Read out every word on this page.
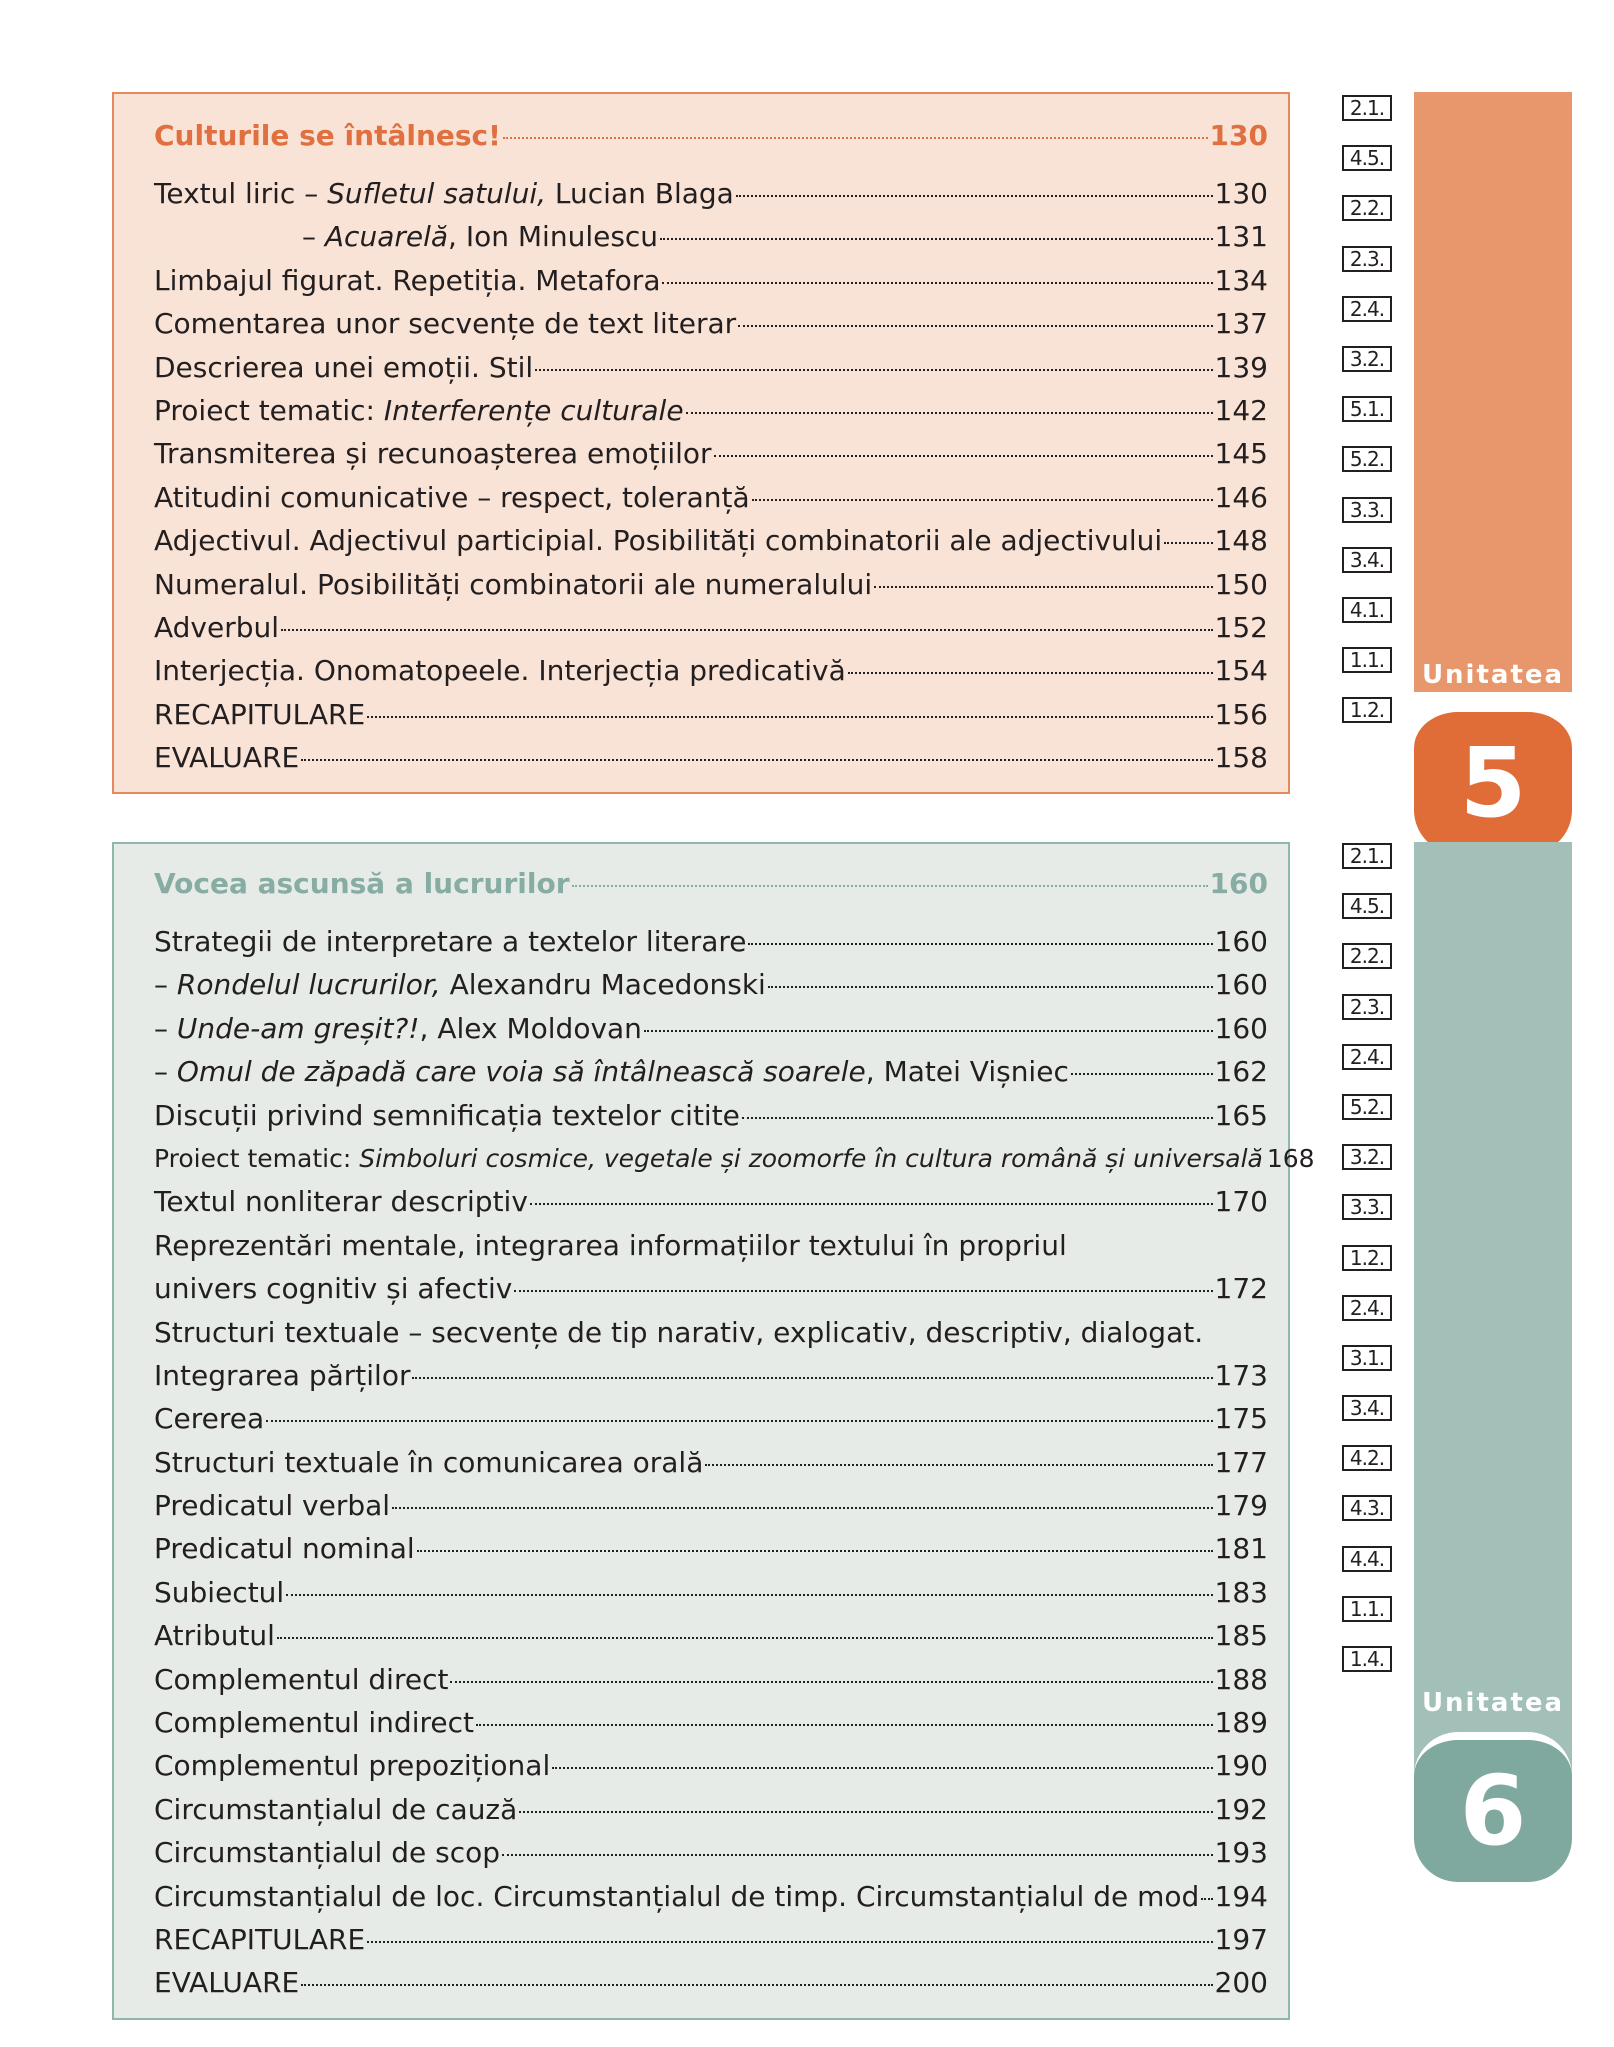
Culturile se întâlnesc!	130
Textul liric – Sufletul satului, Lucian Blaga	130
– Acuarelă, Ion Minulescu	131
Limbajul figurat. Repetiția. Metafora	134
Comentarea unor secvențe de text literar	137
Descrierea unei emoții. Stil	139
Proiect tematic: Interferențe culturale	142
Transmiterea și recunoașterea emoțiilor	145
Atitudini comunicative – respect, toleranță	146
Adjectivul. Adjectivul participial. Posibilități combinatorii ale adjectivului 148
Numeralul. Posibilități combinatorii ale numeralului	150
Adverbul	152
Interjecția. Onomatopeele. Interjecția predicativă	154
RECAPITULARE	156
EVALUARE	158
2.1.
4.5.
2.2.
2.3.
2.4.
3.2.
5.1.
5.2.
3.3.
3.4.
4.1.
1.1.
1.2.
Unitatea
5
Vocea ascunsă a lucrurilor	160
Strategii de interpretare a textelor literare	160
– Rondelul lucrurilor, Alexandru Macedonski	160
– Unde-am greșit?!, Alex Moldovan	160
– Omul de zăpadă care voia să întâlnească soarele, Matei Vișniec	162
Discuții privind semnificația textelor citite	165
Proiect tematic: Simboluri cosmice, vegetale și zoomorfe în cultura română și universală 168
Textul nonliterar descriptiv	170
Reprezentări mentale, integrarea informațiilor textului în propriul
univers cognitiv și afectiv	172
Structuri textuale – secvențe de tip narativ, explicativ, descriptiv, dialogat.
Integrarea părților	173
Cererea	175
Structuri textuale în comunicarea orală	177
Predicatul verbal	179
Predicatul nominal	181
Subiectul	183
Atributul	185
Complementul direct	188
Complementul indirect	189
Complementul prepozițional	190
Circumstanțialul de cauză	192
Circumstanțialul de scop	193
Circumstanțialul de loc. Circumstanțialul de timp. Circumstanțialul de mod 194
RECAPITULARE	197
EVALUARE	200
2.1.
4.5.
2.2.
2.3.
2.4.
5.2.
3.2.
3.3.
1.2.
2.4.
3.1.
3.4.
4.2.
4.3.
4.4.
1.1.
1.4.
Unitatea
6
